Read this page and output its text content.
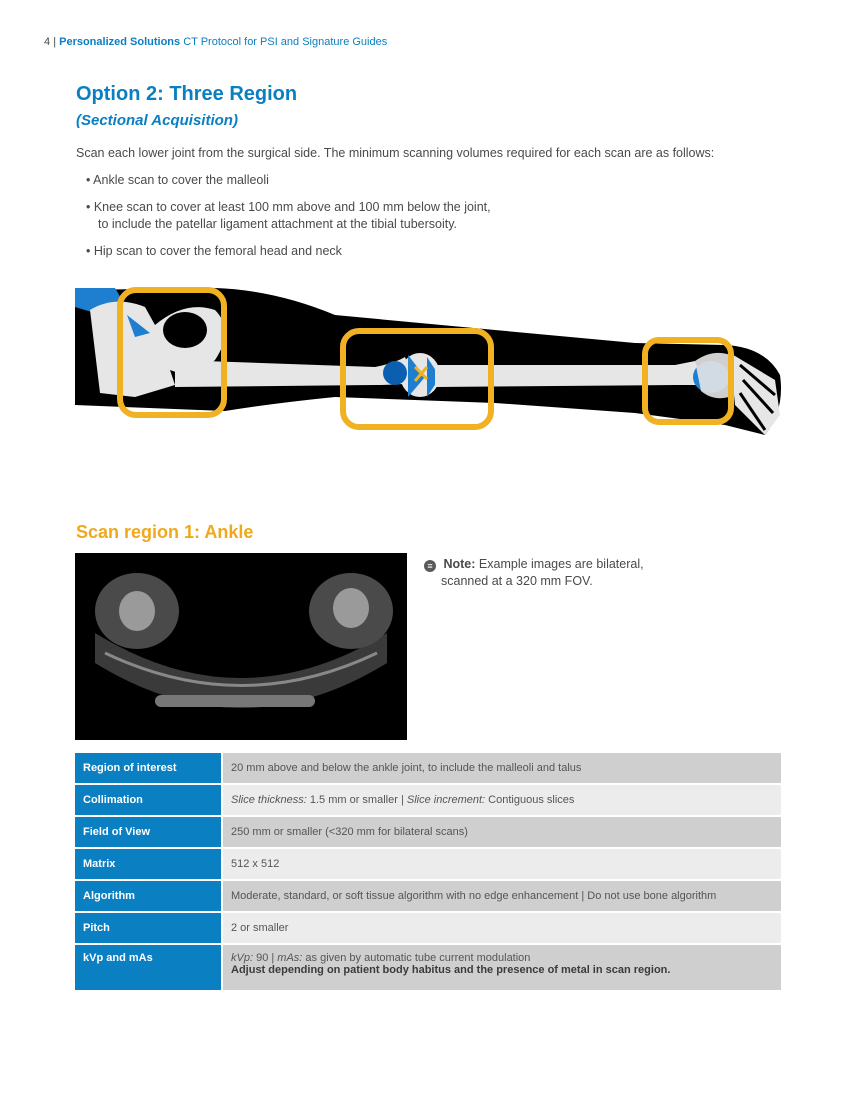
4 | Personalized Solutions CT Protocol for PSI and Signature Guides
Option 2: Three Region
(Sectional Acquisition)
Scan each lower joint from the surgical side. The minimum scanning volumes required for each scan are as follows:
• Ankle scan to cover the malleoli
• Knee scan to cover at least 100 mm above and 100 mm below the joint,
to include the patellar ligament attachment at the tibial tubersoity.
• Hip scan to cover the femoral head and neck
Scan region 1: Ankle
≡ Note: Example images are bilateral,
scanned at a 320 mm FOV.
Region of interest	20 mm above and below the ankle joint, to include the malleoli and talus
Collimation	Slice thickness: 1.5 mm or smaller | Slice increment: Contiguous slices
Field of View	250 mm or smaller (<320 mm for bilateral scans)
Matrix	512 x 512
Algorithm	Moderate, standard, or soft tissue algorithm with no edge enhancement | Do not use bone algorithm
Pitch	2 or smaller
kVp and mAs	kVp: 90 | mAs: as given by automatic tube current modulation
Adjust depending on patient body habitus and the presence of metal in scan region.
